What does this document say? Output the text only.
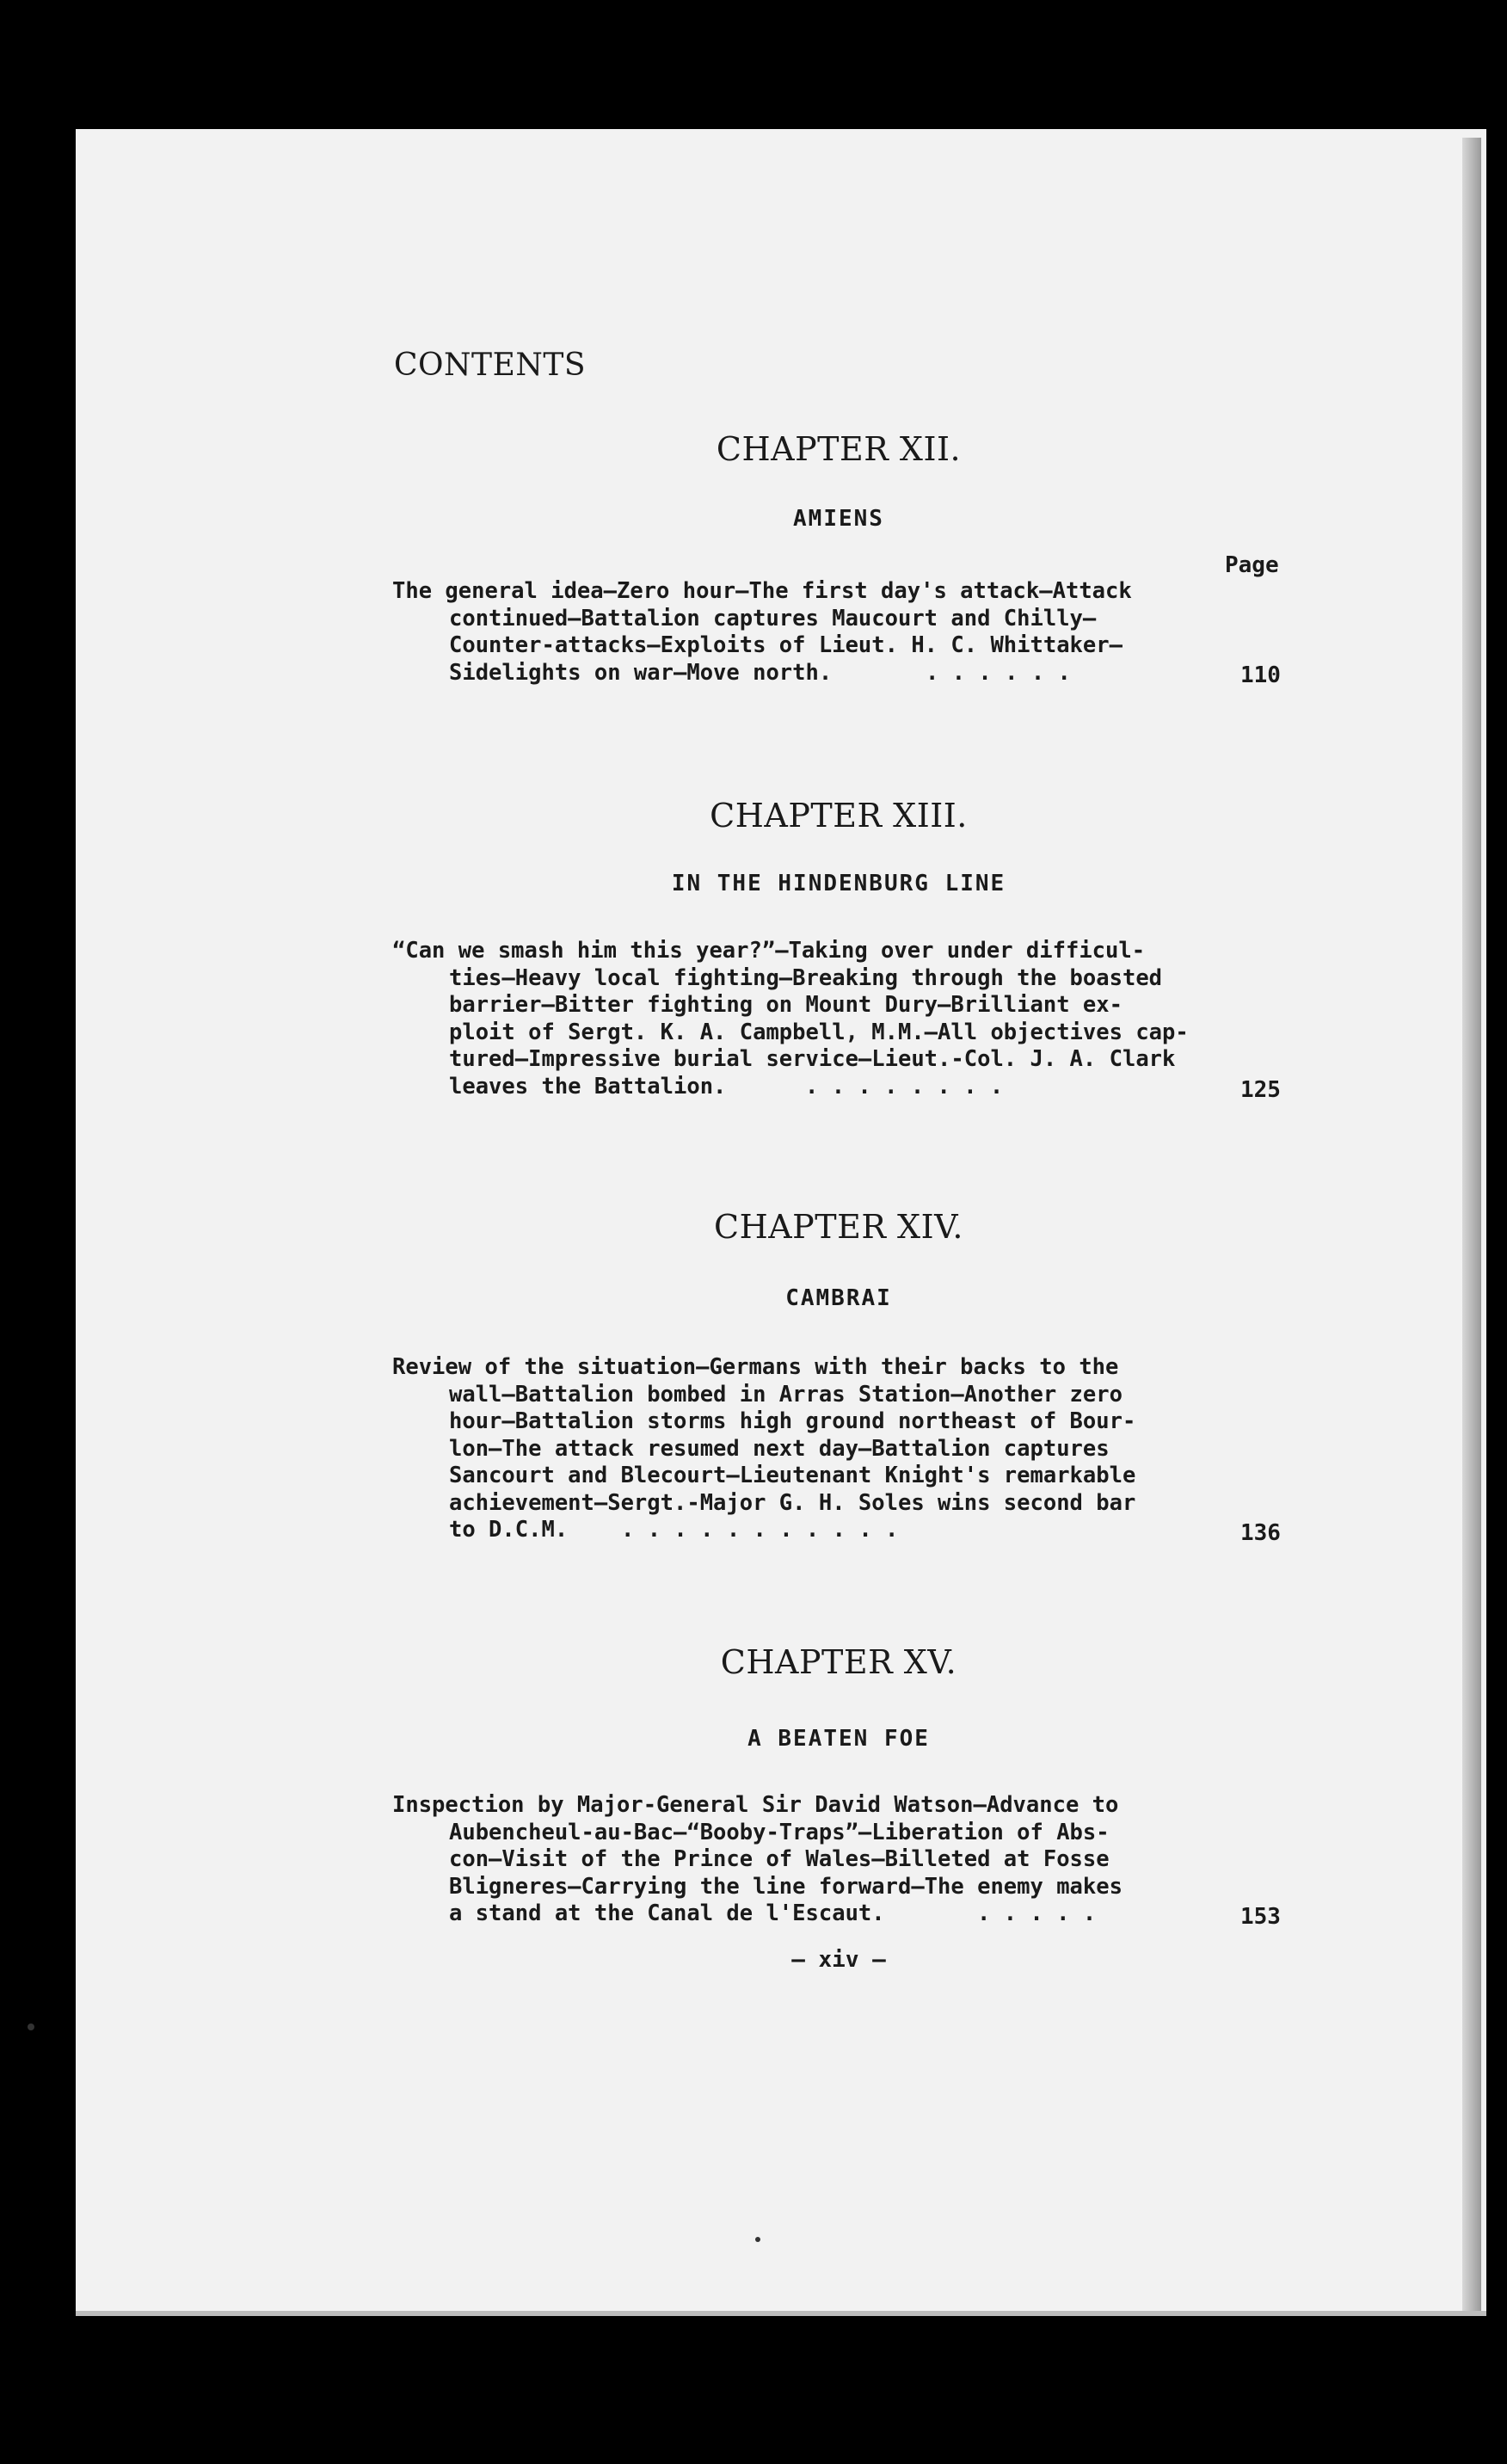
CONTENTS
CHAPTER XII.
AMIENS
Page
The general idea—Zero hour—The first day's attack—Attack
continued—Battalion captures Maucourt and Chilly—
Counter-attacks—Exploits of Lieut. H. C. Whittaker—
Sidelights on war—Move north.	. . . . . .	110
CHAPTER XIII.
IN THE HINDENBURG LINE
“Can we smash him this year?”—Taking over under difficul-
ties—Heavy local fighting—Breaking through the boasted
barrier—Bitter fighting on Mount Dury—Brilliant ex-
ploit of Sergt. K. A. Campbell, M.M.—All objectives cap-
tured—Impressive burial service—Lieut.-Col. J. A. Clark
leaves the Battalion.	. . . . . . . .	125
CHAPTER XIV.
CAMBRAI
Review of the situation—Germans with their backs to the
wall—Battalion bombed in Arras Station—Another zero
hour—Battalion storms high ground northeast of Bour-
lon—The attack resumed next day—Battalion captures
Sancourt and Blecourt—Lieutenant Knight's remarkable
achievement—Sergt.-Major G. H. Soles wins second bar
to D.C.M. . . . . . . . . . . .	136
CHAPTER XV.
A BEATEN FOE
Inspection by Major-General Sir David Watson—Advance to
Aubencheul-au-Bac—“Booby-Traps”—Liberation of Abs-
con—Visit of the Prince of Wales—Billeted at Fosse
Bligneres—Carrying the line forward—The enemy makes
a stand at the Canal de l'Escaut.	. . . . .	153
— xiv —
